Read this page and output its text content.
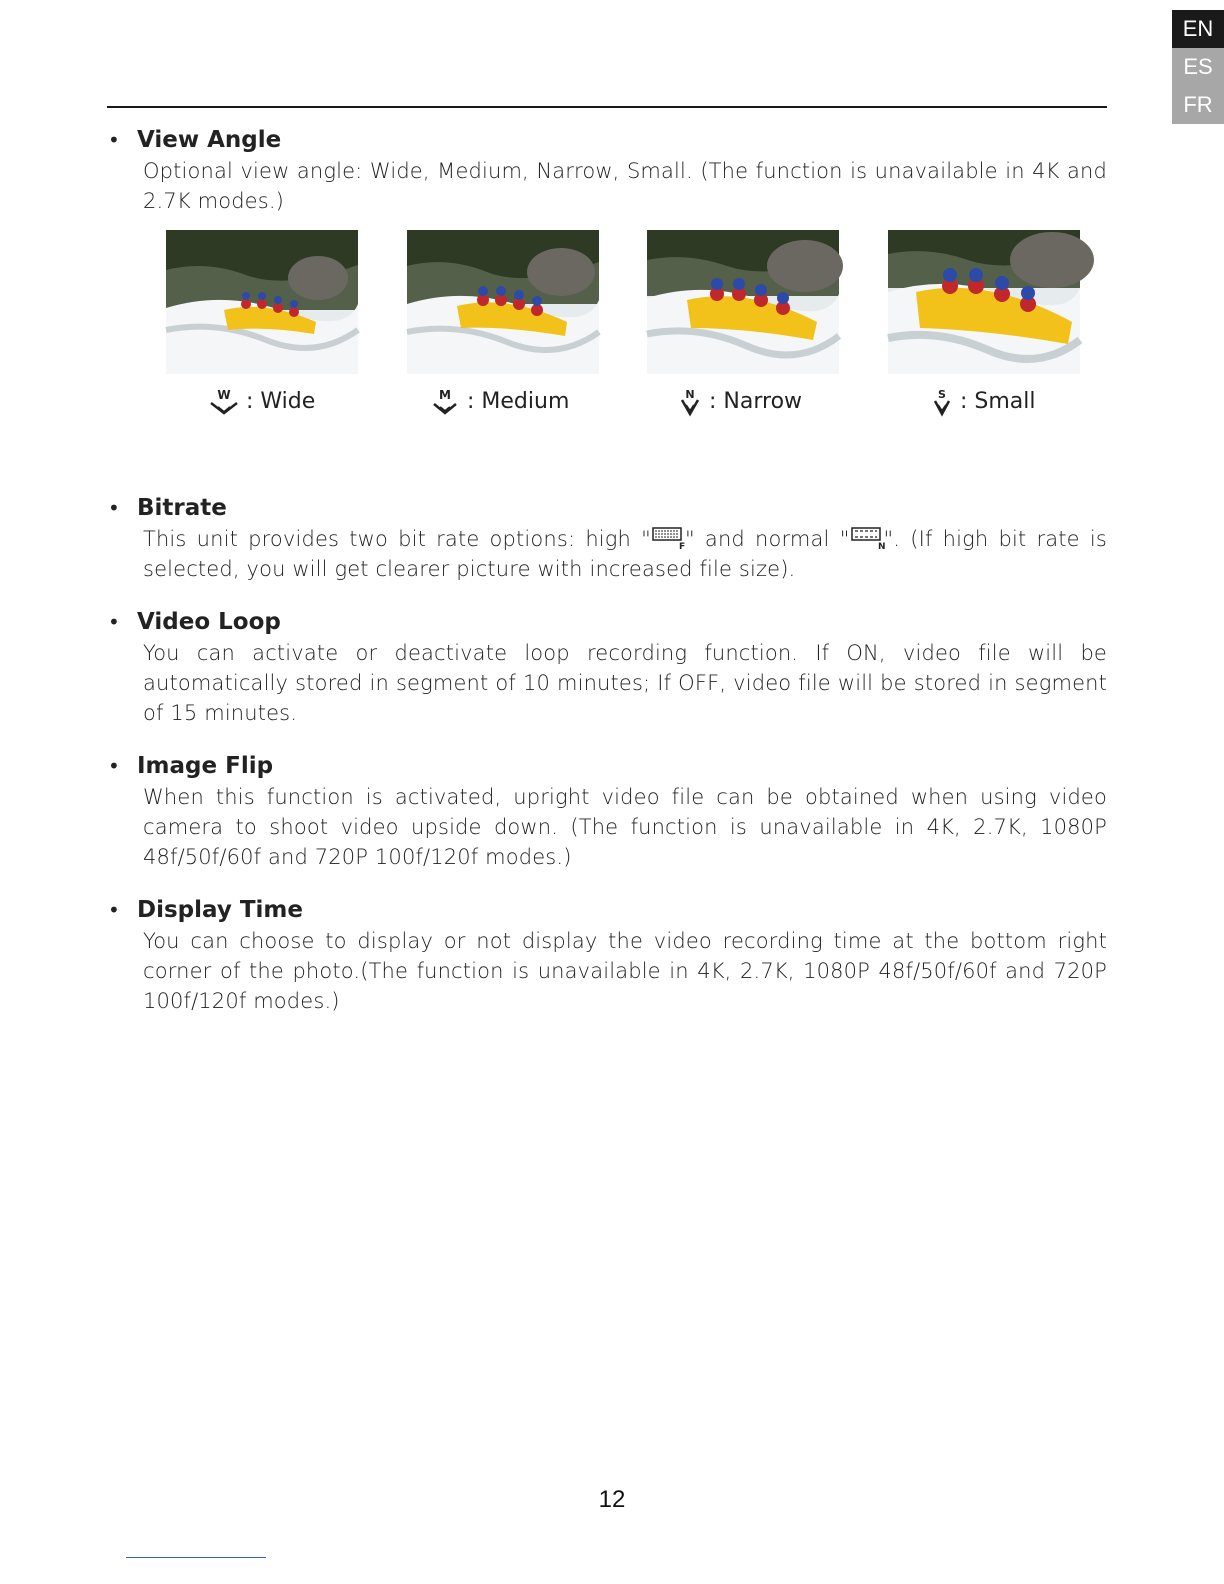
EN
ES
FR
• View Angle
Optional view angle: Wide, Medium, Narrow, Small. (The function is unavailable in 4K and 2.7K modes.)
W : Wide	M : Medium	N : Narrow	S : Small
• Bitrate
This unit provides two bit rate options: high "	F " and normal "	N
". (If high bit rate is selected, you will get clearer picture with increased file size).
• Video Loop
You can activate or deactivate loop recording function. If ON, video file will be automatically stored in segment of 10 minutes; If OFF, video file will be stored in segment of 15 minutes.
• Image Flip
When this function is activated, upright video file can be obtained when using video camera to shoot video upside down. (The function is unavailable in 4K, 2.7K, 1080P 48f/50f/60f and 720P 100f/120f modes.)
• Display Time
You can choose to display or not display the video recording time at the bottom right corner of the photo.(The function is unavailable in 4K, 2.7K, 1080P 48f/50f/60f and 720P 100f/120f modes.)
12
